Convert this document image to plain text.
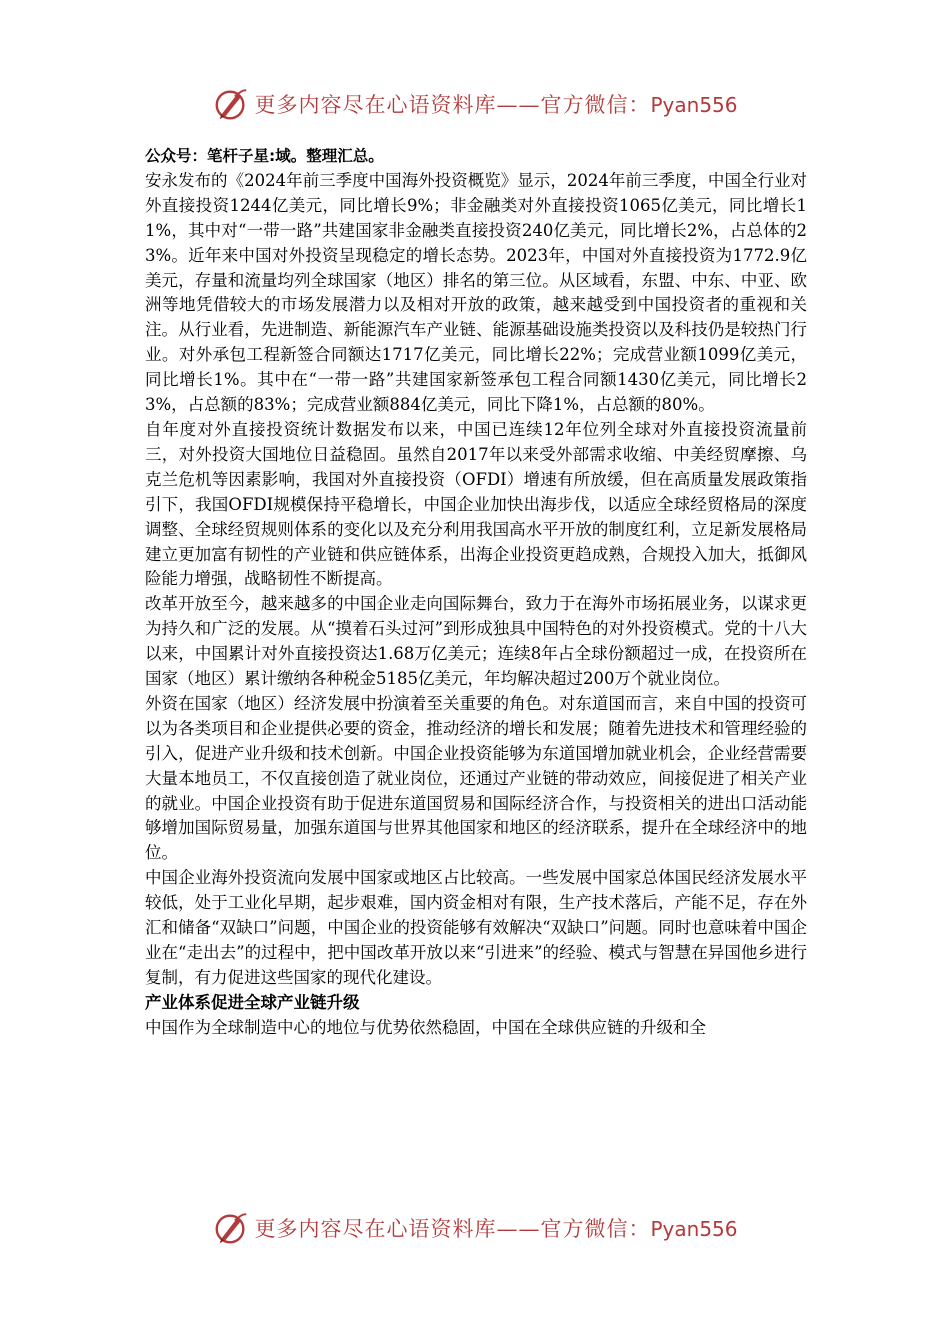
更多内容尽在心语资料库——官方微信：Pyan556

公众号：笔杆子星:域。整理汇总。

安永发布的《2024年前三季度中国海外投资概览》显示，2024年前三季度，中国全行业对外直接投资1244亿美元，同比增长9%；非金融类对外直接投资1065亿美元，同比增长11%，其中对“一带一路”共建国家非金融类直接投资240亿美元，同比增长2%，占总体的23%。近年来中国对外投资呈现稳定的增长态势。2023年，中国对外直接投资为1772.9亿美元，存量和流量均列全球国家（地区）排名的第三位。从区域看，东盟、中东、中亚、欧洲等地凭借较大的市场发展潜力以及相对开放的政策，越来越受到中国投资者的重视和关注。从行业看，先进制造、新能源汽车产业链、能源基础设施类投资以及科技仍是较热门行业。对外承包工程新签合同额达1717亿美元，同比增长22%；完成营业额1099亿美元，同比增长1%。其中在“一带一路”共建国家新签承包工程合同额1430亿美元，同比增长23%，占总额的83%；完成营业额884亿美元，同比下降1%，占总额的80%。

自年度对外直接投资统计数据发布以来，中国已连续12年位列全球对外直接投资流量前三，对外投资大国地位日益稳固。虽然自2017年以来受外部需求收缩、中美经贸摩擦、乌克兰危机等因素影响，我国对外直接投资（OFDI）增速有所放缓，但在高质量发展政策指引下，我国OFDI规模保持平稳增长，中国企业加快出海步伐，以适应全球经贸格局的深度调整、全球经贸规则体系的变化以及充分利用我国高水平开放的制度红利，立足新发展格局建立更加富有韧性的产业链和供应链体系，出海企业投资更趋成熟，合规投入加大，抵御风险能力增强，战略韧性不断提高。

改革开放至今，越来越多的中国企业走向国际舞台，致力于在海外市场拓展业务，以谋求更为持久和广泛的发展。从“摸着石头过河”到形成独具中国特色的对外投资模式。党的十八大以来，中国累计对外直接投资达1.68万亿美元；连续8年占全球份额超过一成，在投资所在国家（地区）累计缴纳各种税金5185亿美元，年均解决超过200万个就业岗位。

外资在国家（地区）经济发展中扮演着至关重要的角色。对东道国而言，来自中国的投资可以为各类项目和企业提供必要的资金，推动经济的增长和发展；随着先进技术和管理经验的引入，促进产业升级和技术创新。中国企业投资能够为东道国增加就业机会，企业经营需要大量本地员工，不仅直接创造了就业岗位，还通过产业链的带动效应，间接促进了相关产业的就业。中国企业投资有助于促进东道国贸易和国际经济合作，与投资相关的进出口活动能够增加国际贸易量，加强东道国与世界其他国家和地区的经济联系，提升在全球经济中的地位。

中国企业海外投资流向发展中国家或地区占比较高。一些发展中国家总体国民经济发展水平较低，处于工业化早期，起步艰难，国内资金相对有限，生产技术落后，产能不足，存在外汇和储备“双缺口”问题，中国企业的投资能够有效解决“双缺口”问题。同时也意味着中国企业在“走出去”的过程中，把中国改革开放以来“引进来”的经验、模式与智慧在异国他乡进行复制，有力促进这些国家的现代化建设。

产业体系促进全球产业链升级

中国作为全球制造中心的地位与优势依然稳固，中国在全球供应链的升级和全

更多内容尽在心语资料库——官方微信：Pyan556
